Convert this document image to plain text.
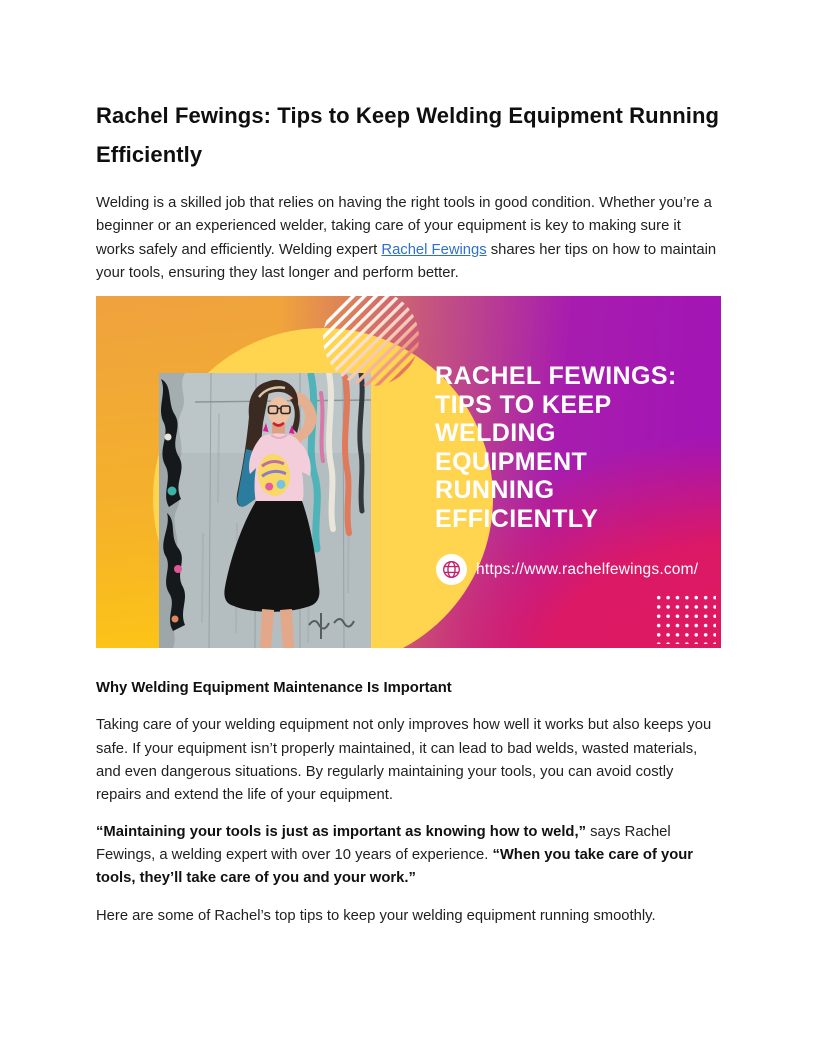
Rachel Fewings: Tips to Keep Welding Equipment Running Efficiently

Welding is a skilled job that relies on having the right tools in good condition. Whether you’re a beginner or an experienced welder, taking care of your equipment is key to making sure it works safely and efficiently. Welding expert Rachel Fewings shares her tips on how to maintain your tools, ensuring they last longer and perform better.

RACHEL FEWINGS:
TIPS TO KEEP
WELDING
EQUIPMENT
RUNNING
EFFICIENTLY
https://www.rachelfewings.com/

Why Welding Equipment Maintenance Is Important

Taking care of your welding equipment not only improves how well it works but also keeps you safe. If your equipment isn’t properly maintained, it can lead to bad welds, wasted materials, and even dangerous situations. By regularly maintaining your tools, you can avoid costly repairs and extend the life of your equipment.

“Maintaining your tools is just as important as knowing how to weld,” says Rachel Fewings, a welding expert with over 10 years of experience. “When you take care of your tools, they’ll take care of you and your work.”

Here are some of Rachel’s top tips to keep your welding equipment running smoothly.
